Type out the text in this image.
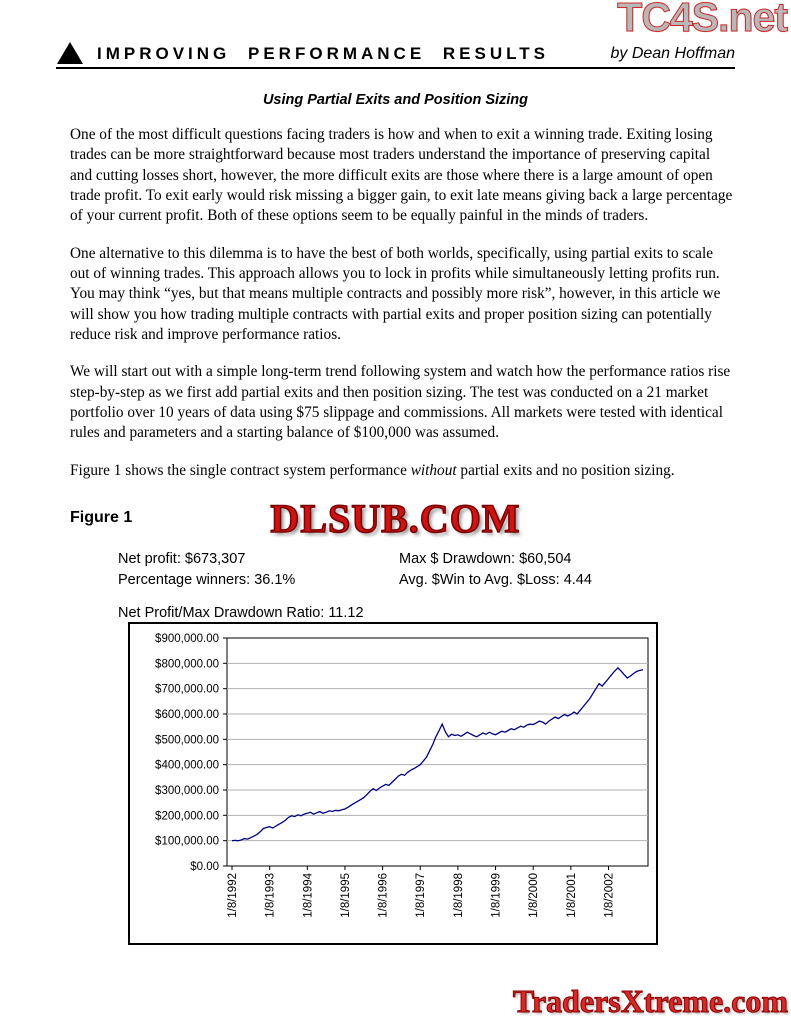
TC4S.net
IMPROVING PERFORMANCE RESULTS	by Dean Hoffman
Using Partial Exits and Position Sizing

One of the most difficult questions facing traders is how and when to exit a winning trade. Exiting losing trades can be more straightforward because most traders understand the importance of preserving capital and cutting losses short, however, the more difficult exits are those where there is a large amount of open trade profit. To exit early would risk missing a bigger gain, to exit late means giving back a large percentage of your current profit. Both of these options seem to be equally painful in the minds of traders.

One alternative to this dilemma is to have the best of both worlds, specifically, using partial exits to scale out of winning trades. This approach allows you to lock in profits while simultaneously letting profits run. You may think “yes, but that means multiple contracts and possibly more risk”, however, in this article we will show you how trading multiple contracts with partial exits and proper position sizing can potentially reduce risk and improve performance ratios.

We will start out with a simple long-term trend following system and watch how the performance ratios rise step-by-step as we first add partial exits and then position sizing. The test was conducted on a 21 market portfolio over 10 years of data using $75 slippage and commissions. All markets were tested with identical rules and parameters and a starting balance of $100,000 was assumed.

Figure 1 shows the single contract system performance without partial exits and no position sizing.

Figure 1	DLSUB.COM
Net profit: $673,307	Max $ Drawdown: $60,504
Percentage winners: 36.1%	Avg. $Win to Avg. $Loss: 4.44
Net Profit/Max Drawdown Ratio: 11.12
$900,000.00
$800,000.00
$700,000.00
$600,000.00
$500,000.00
$400,000.00
$300,000.00
$200,000.00
$100,000.00
$0.00
1/8/1992 1/8/1993 1/8/1994 1/8/1995 1/8/1996 1/8/1997 1/8/1998 1/8/1999 1/8/2000 1/8/2001 1/8/2002
TradersXtreme.com
